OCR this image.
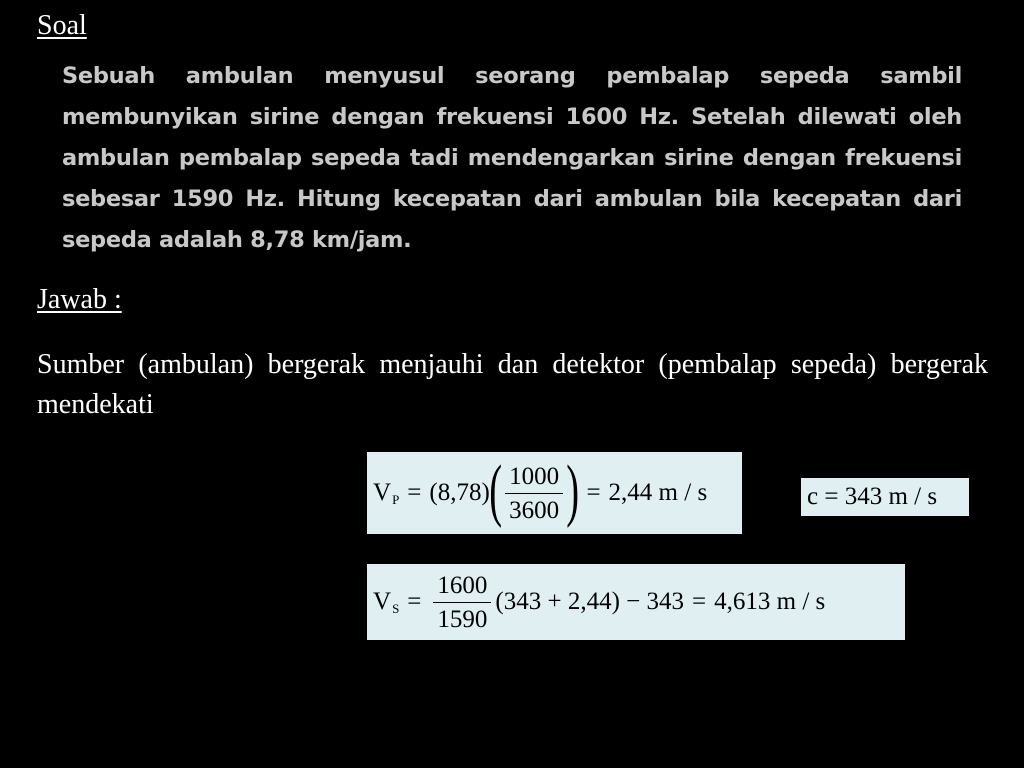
Soal
Sebuah ambulan menyusul seorang pembalap sepeda sambil membunyikan sirine dengan frekuensi 1600 Hz. Setelah dilewati oleh ambulan pembalap sepeda tadi mendengarkan sirine dengan frekuensi sebesar 1590 Hz. Hitung kecepatan dari ambulan bila kecepatan dari sepeda adalah 8,78 km/jam.
Jawab :
Sumber (ambulan) bergerak menjauhi dan detektor (pembalap sepeda) bergerak mendekati
V P = (8,78) ( $\frac{1000}{3600}$ ) = 2,44 m / s	c = 343 m / s
V $S = \frac{1600}{1590} (343 + 2,44) - 343 = 4,613$ m / s
